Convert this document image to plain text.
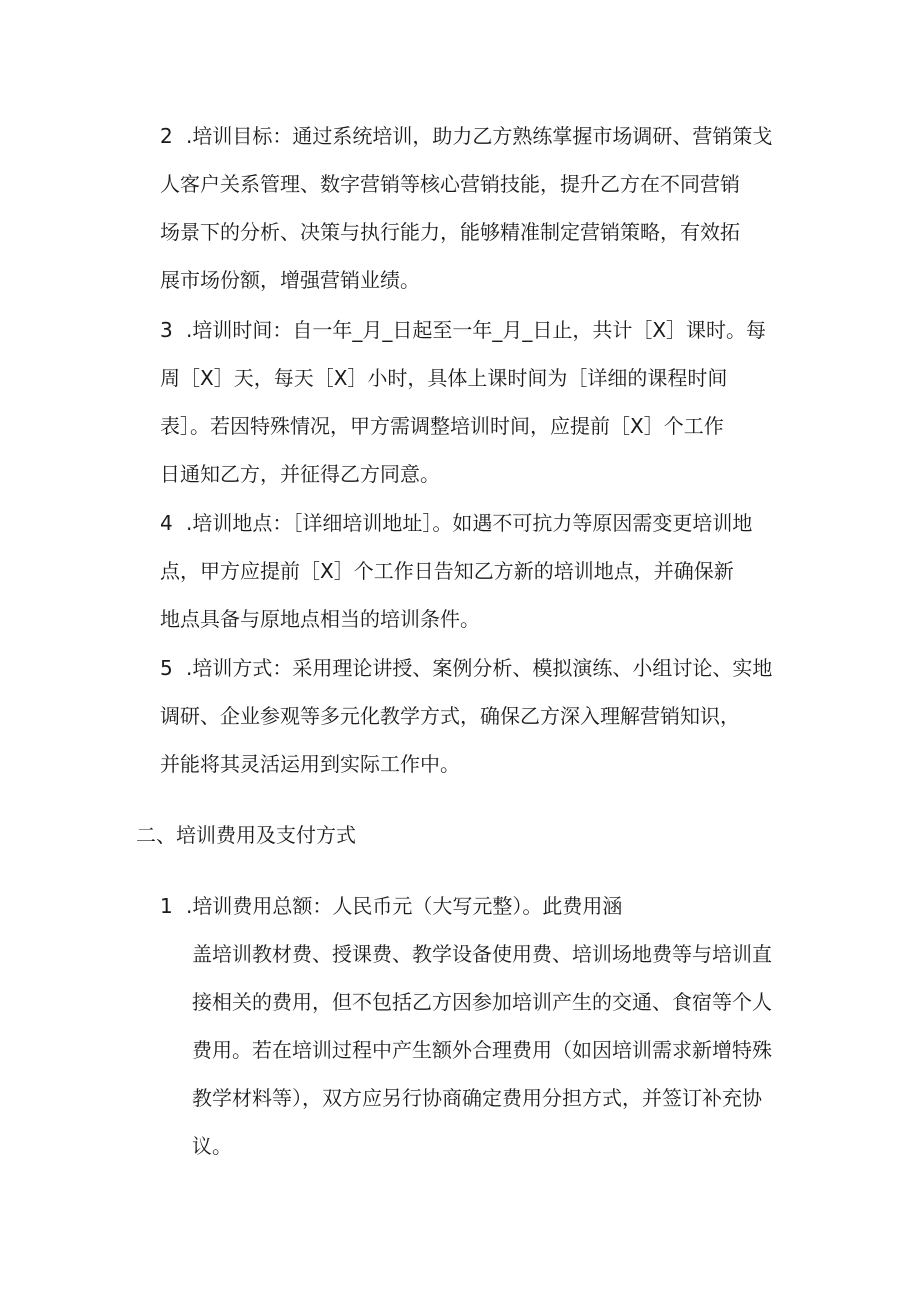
2 .培训目标：通过系统培训，助力乙方熟练掌握市场调研、营销策戈
人客户关系管理、数字营销等核心营销技能，提升乙方在不同营销
场景下的分析、决策与执行能力，能够精准制定营销策略，有效拓
展市场份额，增强营销业绩。
3 .培训时间：自一年_月_日起至一年_月_日止，共计［X］课时。每
周［X］天，每天［X］小时，具体上课时间为［详细的课程时间
表］。若因特殊情况，甲方需调整培训时间，应提前［X］个工作
日通知乙方，并征得乙方同意。
4 .培训地点：［详细培训地址］。如遇不可抗力等原因需变更培训地
点，甲方应提前［X］个工作日告知乙方新的培训地点，并确保新
地点具备与原地点相当的培训条件。
5 .培训方式：采用理论讲授、案例分析、模拟演练、小组讨论、实地
调研、企业参观等多元化教学方式，确保乙方深入理解营销知识，
并能将其灵活运用到实际工作中。
二、培训费用及支付方式
1 .培训费用总额：人民币元（大写元整）。此费用涵
盖培训教材费、授课费、教学设备使用费、培训场地费等与培训直
接相关的费用，但不包括乙方因参加培训产生的交通、食宿等个人
费用。若在培训过程中产生额外合理费用（如因培训需求新增特殊
教学材料等），双方应另行协商确定费用分担方式，并签订补充协
议。
